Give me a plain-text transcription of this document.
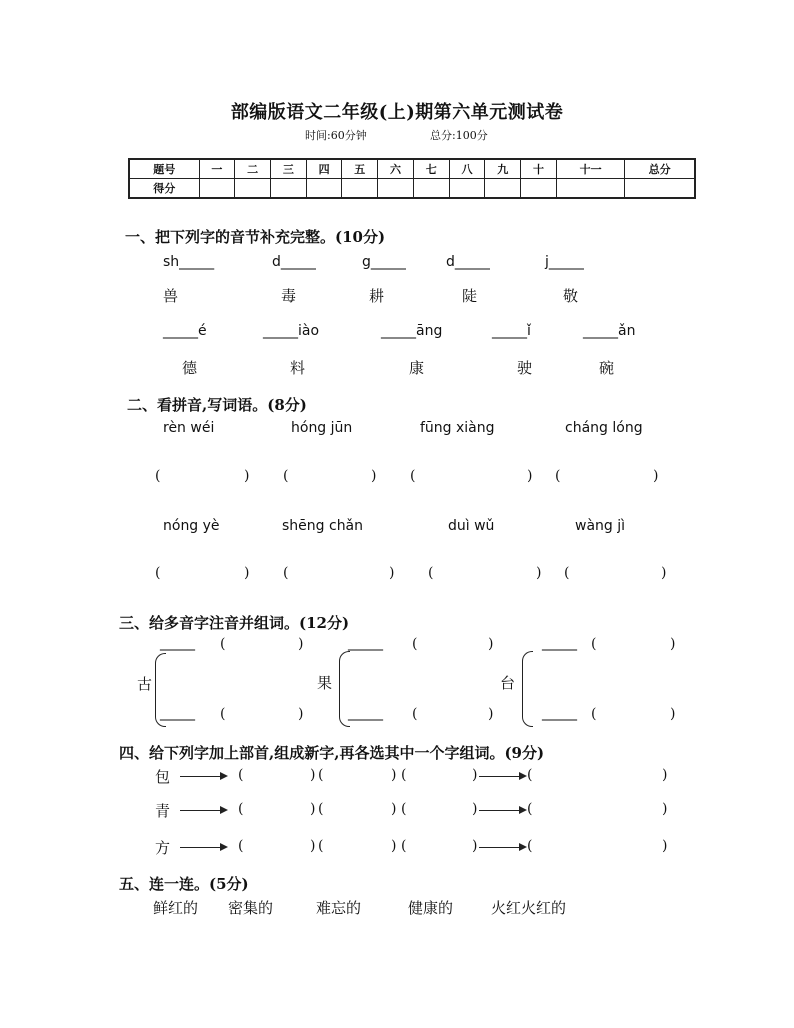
部编版语文二年级(上)期第六单元测试卷
时间:60分钟	总分:100分
题号	一	二	三	四	五	六	七	八	九	十	十一	总分
得分												
一、把下列字的音节补充完整。(10分)
sh_____	d_____	g_____	d_____	j_____
兽	毒	耕	陡	敬
_____é	_____iào	_____āng	_____ǐ	_____ǎn
德	料	康	驶	碗
二、看拼音,写词语。(8分)
rèn wéi	hóng jūn	fūng xiàng	cháng lóng
(	) (	) (	) (	)
nóng yè	shēng chǎn	duì wǔ	wàng jì
(	) (	) (	) (	)
三、给多音字注音并组词。(12分)
_____ (	)
古
_____ (	)
_____ (	)
果
_____ (	)
_____ (	)
台
_____ (	)
四、给下列字加上部首,组成新字,再各选其中一个字组词。(9分)
包	(	) (	) (	)	(	)
青	(	) (	) (	)	(	)
方	(	) (	) (	)	(	)
五、连一连。(5分)
鲜红的 密集的	难忘的	健康的	火红火红的
